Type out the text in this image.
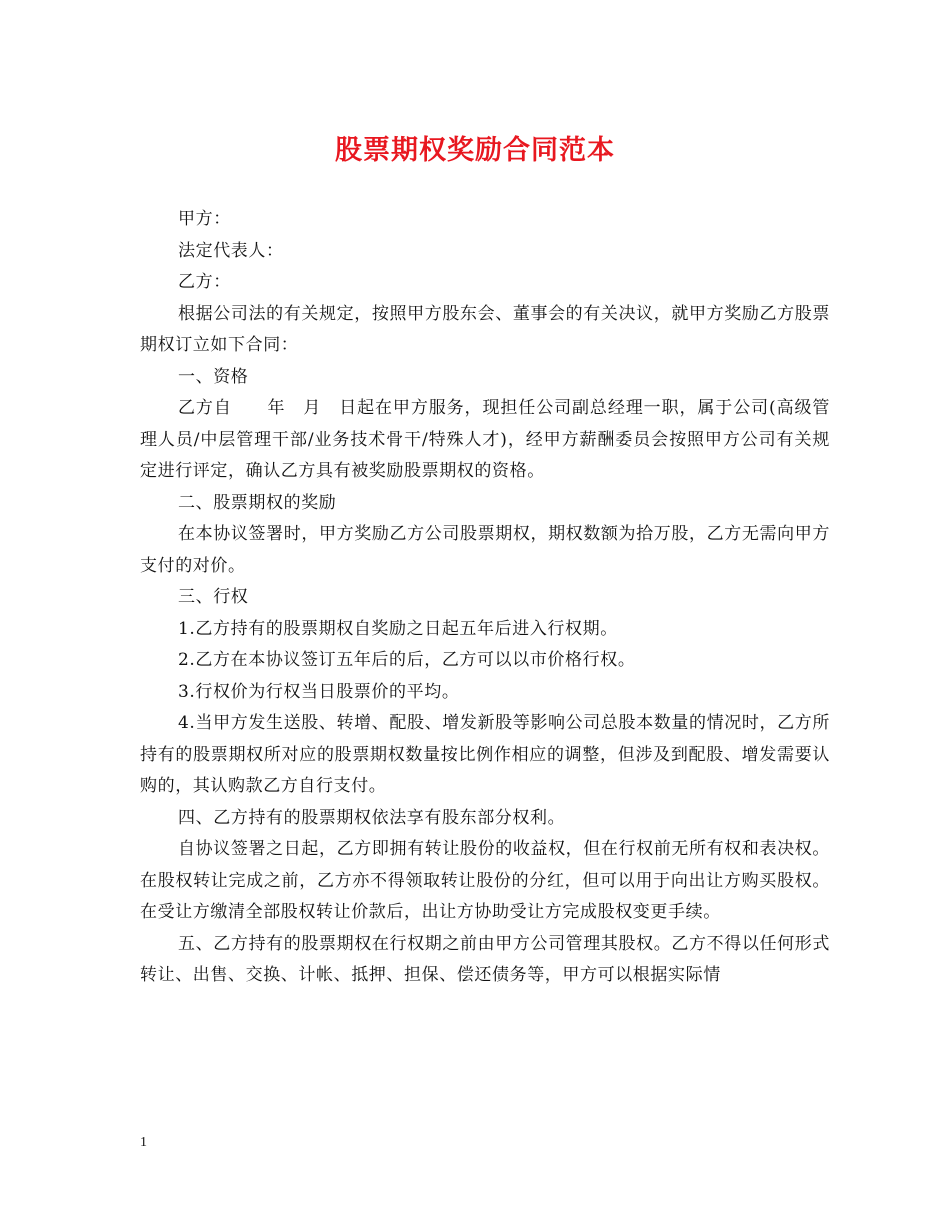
股票期权奖励合同范本

甲方：

法定代表人：

乙方：

根据公司法的有关规定，按照甲方股东会、董事会的有关决议，就甲方奖励乙方股票期权订立如下合同：

一、资格

乙方自　　年　月　日起在甲方服务，现担任公司副总经理一职，属于公司(高级管理人员/中层管理干部/业务技术骨干/特殊人才)，经甲方薪酬委员会按照甲方公司有关规定进行评定，确认乙方具有被奖励股票期权的资格。

二、股票期权的奖励

在本协议签署时，甲方奖励乙方公司股票期权，期权数额为拾万股，乙方无需向甲方支付的对价。

三、行权

1.乙方持有的股票期权自奖励之日起五年后进入行权期。

2.乙方在本协议签订五年后的后，乙方可以以市价格行权。

3.行权价为行权当日股票价的平均。

4.当甲方发生送股、转增、配股、增发新股等影响公司总股本数量的情况时，乙方所持有的股票期权所对应的股票期权数量按比例作相应的调整，但涉及到配股、增发需要认购的，其认购款乙方自行支付。

四、乙方持有的股票期权依法享有股东部分权利。

自协议签署之日起，乙方即拥有转让股份的收益权，但在行权前无所有权和表决权。在股权转让完成之前，乙方亦不得领取转让股份的分红，但可以用于向出让方购买股权。在受让方缴清全部股权转让价款后，出让方协助受让方完成股权变更手续。

五、乙方持有的股票期权在行权期之前由甲方公司管理其股权。乙方不得以任何形式转让、出售、交换、计帐、抵押、担保、偿还债务等，甲方可以根据实际情

1
